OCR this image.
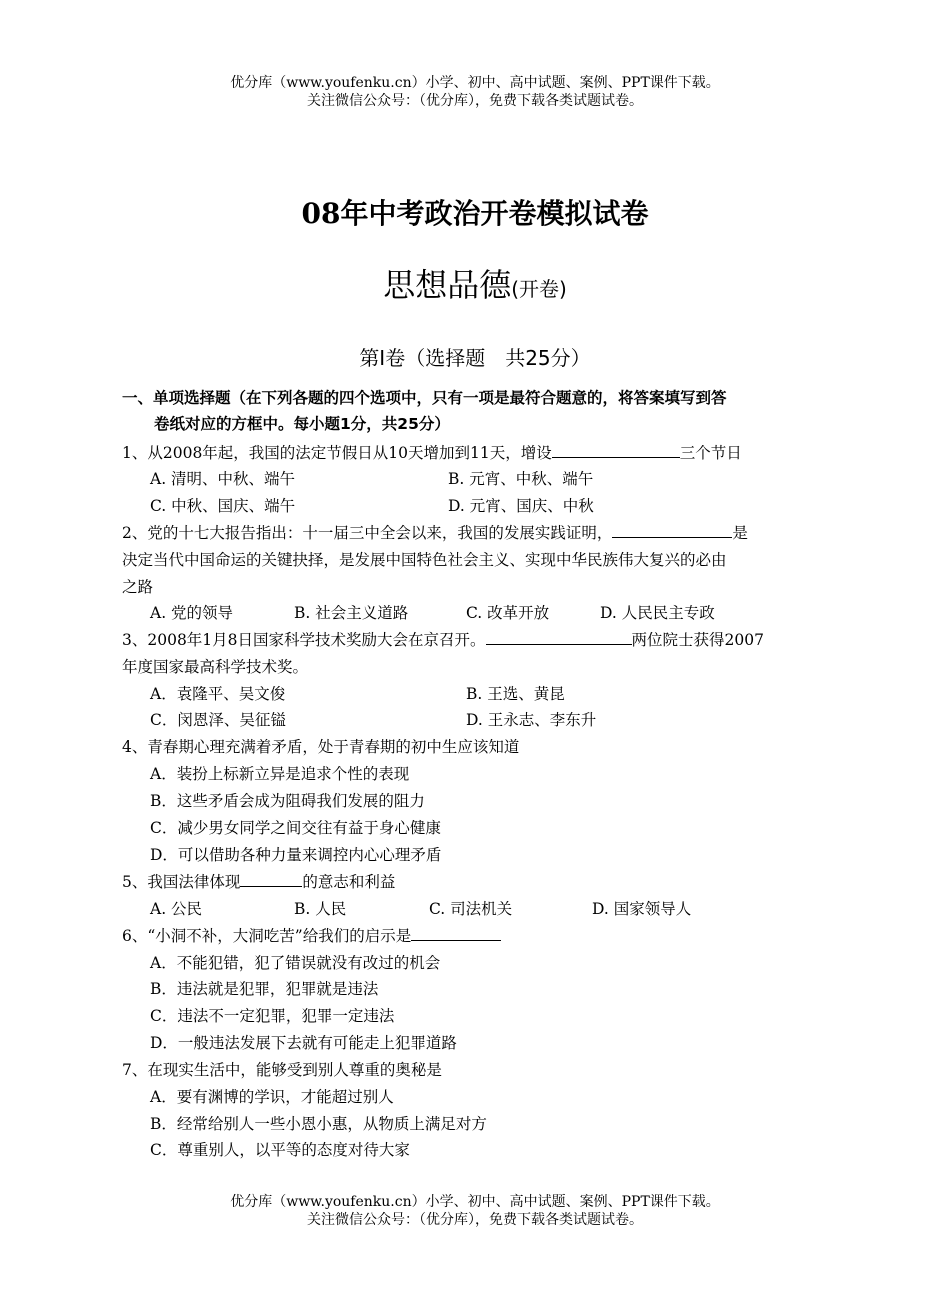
优分库（www.youfenku.cn）小学、初中、高中试题、案例、PPT课件下载。
关注微信公众号：（优分库），免费下载各类试题试卷。
08年中考政治开卷模拟试卷
思想品德(开卷)
第Ⅰ卷（选择题　共25分）
一、单项选择题（在下列各题的四个选项中，只有一项是最符合题意的，将答案填写到答
卷纸对应的方框中。每小题1分，共25分）
1、从2008年起，我国的法定节假日从10天增加到11天，增设	三个节日
A. 清明、中秋、端午	B. 元宵、中秋、端午
C. 中秋、国庆、端午	D. 元宵、国庆、中秋
2、党的十七大报告指出：十一届三中全会以来，我国的发展实践证明，	是
决定当代中国命运的关键抉择，是发展中国特色社会主义、实现中华民族伟大复兴的必由
之路
A. 党的领导	B. 社会主义道路	C. 改革开放	D. 人民民主专政
3、2008年1月8日国家科学技术奖励大会在京召开。	两位院士获得2007
年度国家最高科学技术奖。
A．袁隆平、吴文俊	B. 王选、黄昆
C．闵恩泽、吴征镒	D. 王永志、李东升
4、青春期心理充满着矛盾，处于青春期的初中生应该知道
A．装扮上标新立异是追求个性的表现
B．这些矛盾会成为阻碍我们发展的阻力
C．减少男女同学之间交往有益于身心健康
D．可以借助各种力量来调控内心心理矛盾
5、我国法律体现	的意志和利益
A. 公民	B. 人民	C. 司法机关	D. 国家领导人
6、“小洞不补，大洞吃苦”给我们的启示是
A．不能犯错，犯了错误就没有改过的机会
B．违法就是犯罪，犯罪就是违法
C．违法不一定犯罪，犯罪一定违法
D．一般违法发展下去就有可能走上犯罪道路
7、在现实生活中，能够受到别人尊重的奥秘是
A．要有渊博的学识，才能超过别人
B．经常给别人一些小恩小惠，从物质上满足对方
C．尊重别人，以平等的态度对待大家
优分库（www.youfenku.cn）小学、初中、高中试题、案例、PPT课件下载。
关注微信公众号：（优分库），免费下载各类试题试卷。
